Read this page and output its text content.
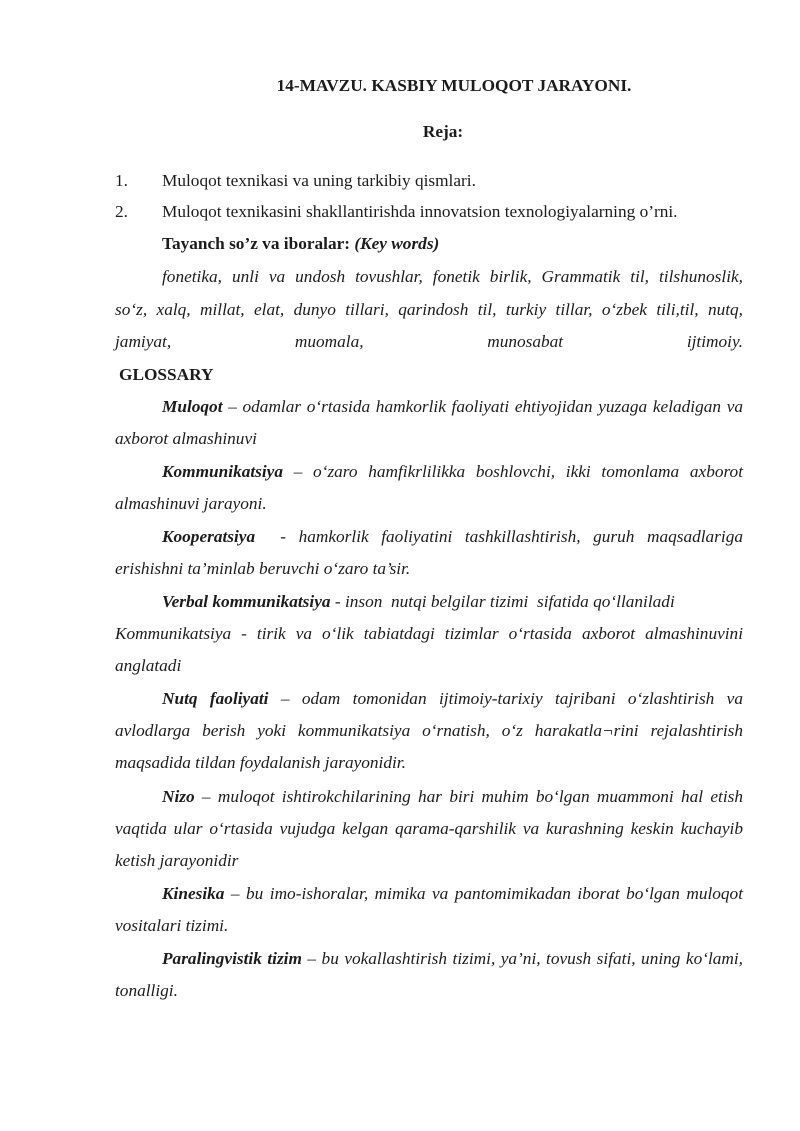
14-MAVZU. KASBIY MULOQOT JARAYONI.
Reja:
1. Muloqot texnikasi va uning tarkibiy qismlari.
2. Muloqot texnikasini shakllantirishda innovatsion texnologiyalarning o’rni.
Tayanch so’z va iboralar: (Key words)
fonetika, unli va undosh tovushlar, fonetik birlik, Grammatik til, tilshunoslik,
so‘z, xalq, millat, elat, dunyo tillari, qarindosh til, turkiy tillar, o‘zbek tili,til, nutq,
jamiyat, muomala, munosabat ijtimoiy.
GLOSSARY
Muloqot – odamlar o‘rtasida hamkorlik faoliyati ehtiyojidan yuzaga keladigan va axborot almashinuvi
Kommunikatsiya – o‘zaro hamfikrlilikka boshlovchi, ikki tomonlama axborot almashinuvi jarayoni.
Kooperatsiya  - hamkorlik faoliyatini tashkillashtirish, guruh maqsadlariga erishishni ta’minlab beruvchi o‘zaro ta’sir.
Verbal kommunikatsiya - inson  nutqi belgilar tizimi  sifatida qo‘llaniladi
Kommunikatsiya - tirik va o‘lik tabiatdagi tizimlar o‘rtasida axborot almashinuvini anglatadi
Nutq faoliyati – odam tomonidan ijtimoiy-tarixiy tajribani o‘zlashtirish va avlodlarga berish yoki kommunikatsiya o‘rnatish, o‘z harakatla¬rini rejalashtirish maqsadida tildan foydalanish jarayonidir.
Nizo – muloqot ishtirokchilarining har biri muhim bo‘lgan muammoni hal etish vaqtida ular o‘rtasida vujudga kelgan qarama-qarshilik va kurashning keskin kuchayib ketish jarayonidir
Kinesika – bu imo-ishoralar, mimika va pantomimikadan iborat bo‘lgan muloqot vositalari tizimi.
Paralingvistik tizim – bu vokallashtirish tizimi, ya’ni, tovush sifati, uning ko‘lami, tonalligi.
